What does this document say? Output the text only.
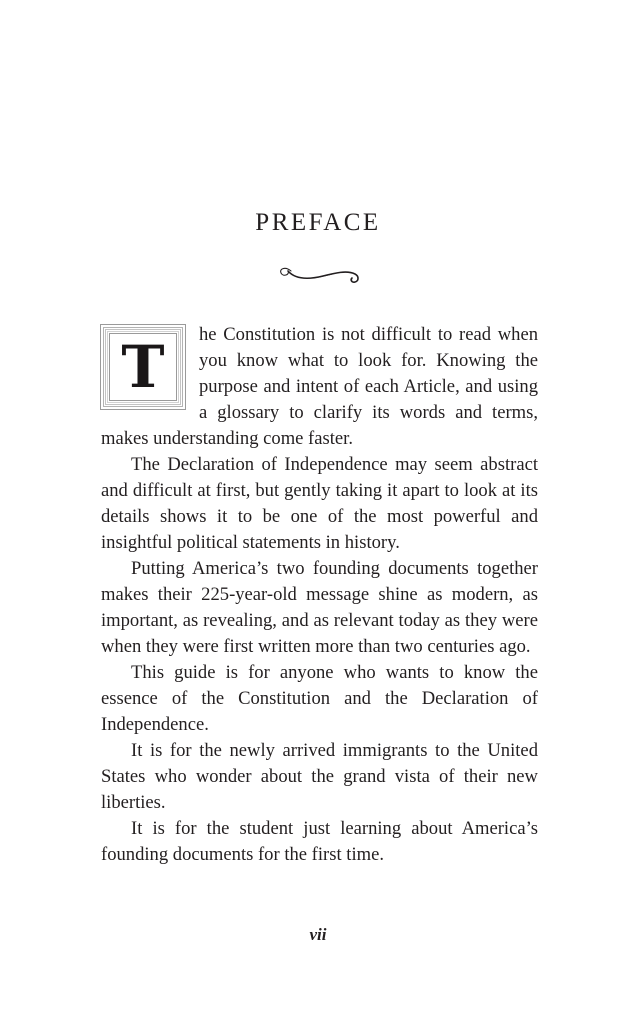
PREFACE
T	he Constitution is not difficult to read when you know what to look for. Knowing the purpose and intent of each Article, and using a glossary to clarify its words and terms, makes understanding come faster.

The Declaration of Independence may seem abstract and difficult at first, but gently taking it apart to look at its details shows it to be one of the most powerful and insightful political statements in history.

Putting America’s two founding documents together makes their 225-year-old message shine as modern, as important, as revealing, and as relevant today as they were when they were first written more than two centuries ago.

This guide is for anyone who wants to know the essence of the Constitution and the Declaration of Independence.

It is for the newly arrived immigrants to the United States who wonder about the grand vista of their new liberties.

It is for the student just learning about America’s founding documents for the first time.

vii
